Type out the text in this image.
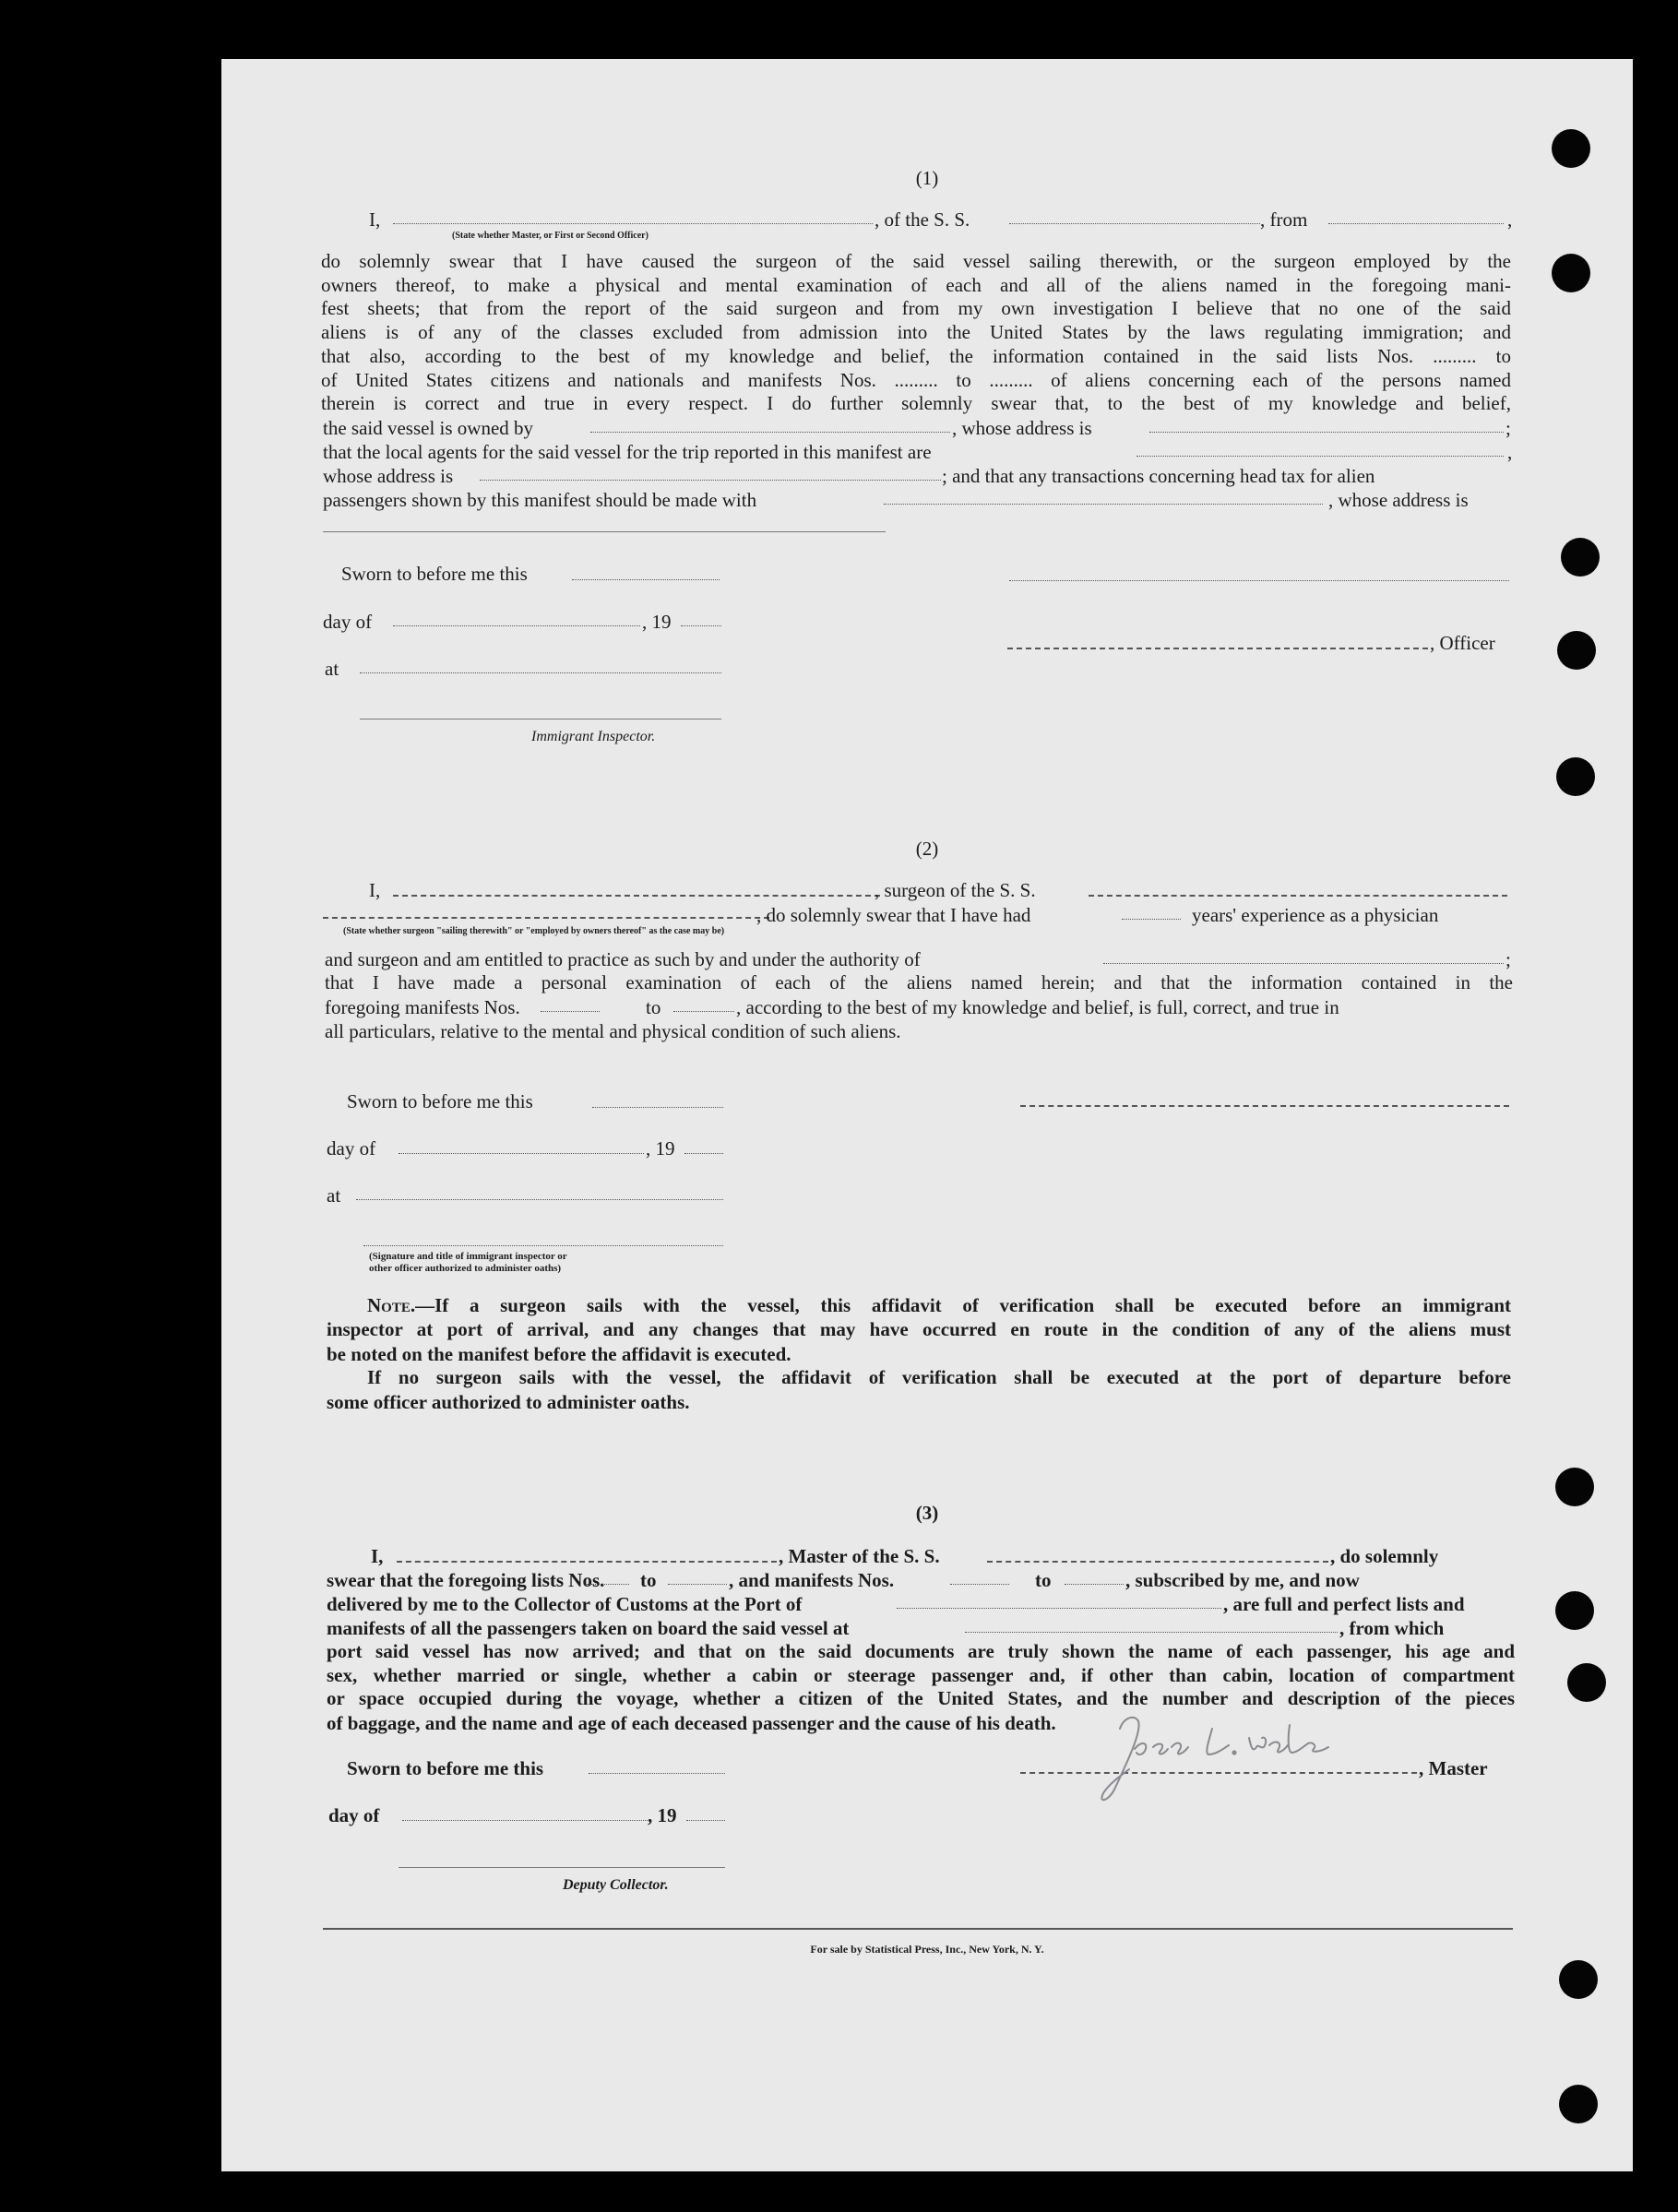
(1)
I,
(State whether Master, or First or Second Officer)
, of the S. S.	, from	,
do solemnly swear that I have caused the surgeon of the said vessel sailing therewith, or the surgeon employed by the
owners thereof, to make a physical and mental examination of each and all of the aliens named in the foregoing mani-
fest sheets; that from the report of the said surgeon and from my own investigation I believe that no one of the said
aliens is of any of the classes excluded from admission into the United States by the laws regulating immigration; and
that also, according to the best of my knowledge and belief, the information contained in the said lists Nos. ......... to
of United States citizens and nationals and manifests Nos. ......... to ......... of aliens concerning each of the persons named
therein is correct and true in every respect. I do further solemnly swear that, to the best of my knowledge and belief,
the said vessel is owned by	, whose address is	;
that the local agents for the said vessel for the trip reported in this manifest are	,
whose address is	; and that any transactions concerning head tax for alien
passengers shown by this manifest should be made with	, whose address is
Sworn to before me this
day of	, 19
at
, Officer
Immigrant Inspector.
(2)
I,	, surgeon of the S. S.
, do solemnly swear that I have had	years' experience as a physician
(State whether surgeon "sailing therewith" or "employed by owners thereof" as the case may be)
and surgeon and am entitled to practice as such by and under the authority of	;
that I have made a personal examination of each of the aliens named herein; and that the information contained in the
foregoing manifests Nos.	to	, according to the best of my knowledge and belief, is full, correct, and true in
all particulars, relative to the mental and physical condition of such aliens.
Sworn to before me this
day of	, 19
at
(Signature and title of immigrant inspector or
other officer authorized to administer oaths)
Note.—If a surgeon sails with the vessel, this affidavit of verification shall be executed before an immigrant
inspector at port of arrival, and any changes that may have occurred en route in the condition of any of the aliens must
be noted on the manifest before the affidavit is executed.
If no surgeon sails with the vessel, the affidavit of verification shall be executed at the port of departure before
some officer authorized to administer oaths.
(3)
I,	, Master of the S. S.	, do solemnly
swear that the foregoing lists Nos. to	, and manifests Nos.	to	, subscribed by me, and now
delivered by me to the Collector of Customs at the Port of	, are full and perfect lists and
manifests of all the passengers taken on board the said vessel at	, from which
port said vessel has now arrived; and that on the said documents are truly shown the name of each passenger, his age and
sex, whether married or single, whether a cabin or steerage passenger and, if other than cabin, location of compartment
or space occupied during the voyage, whether a citizen of the United States, and the number and description of the pieces
of baggage, and the name and age of each deceased passenger and the cause of his death.
Sworn to before me this
day of	, 19
Deputy Collector.
, Master
For sale by Statistical Press, Inc., New York, N. Y.
